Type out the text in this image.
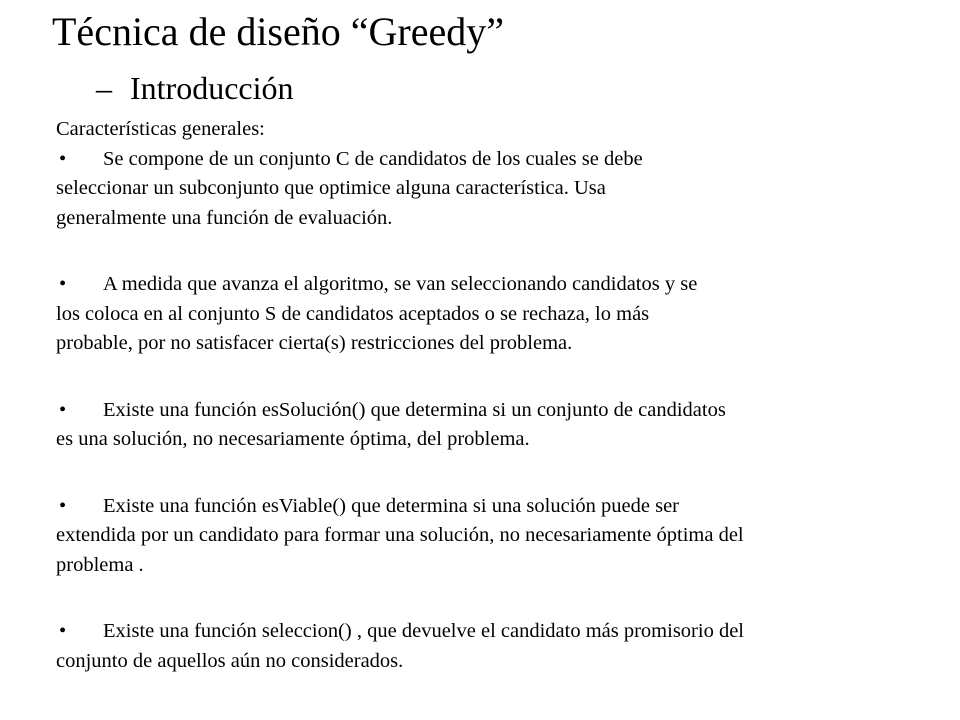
Técnica de diseño “Greedy”
– Introducción
Características generales:
• Se compone de un conjunto C de candidatos de los cuales se debe
seleccionar un subconjunto que optimice alguna característica. Usa
generalmente una función de evaluación.
• A medida que avanza el algoritmo, se van seleccionando candidatos y se
los coloca en al conjunto S de candidatos aceptados o se rechaza, lo más
probable, por no satisfacer cierta(s) restricciones del problema.
• Existe una función esSolución() que determina si un conjunto de candidatos
es una solución, no necesariamente óptima, del problema.
• Existe una función esViable() que determina si una solución puede ser
extendida por un candidato para formar una solución, no necesariamente óptima del
problema .
• Existe una función seleccion() , que devuelve el candidato más promisorio del
conjunto de aquellos aún no considerados.
